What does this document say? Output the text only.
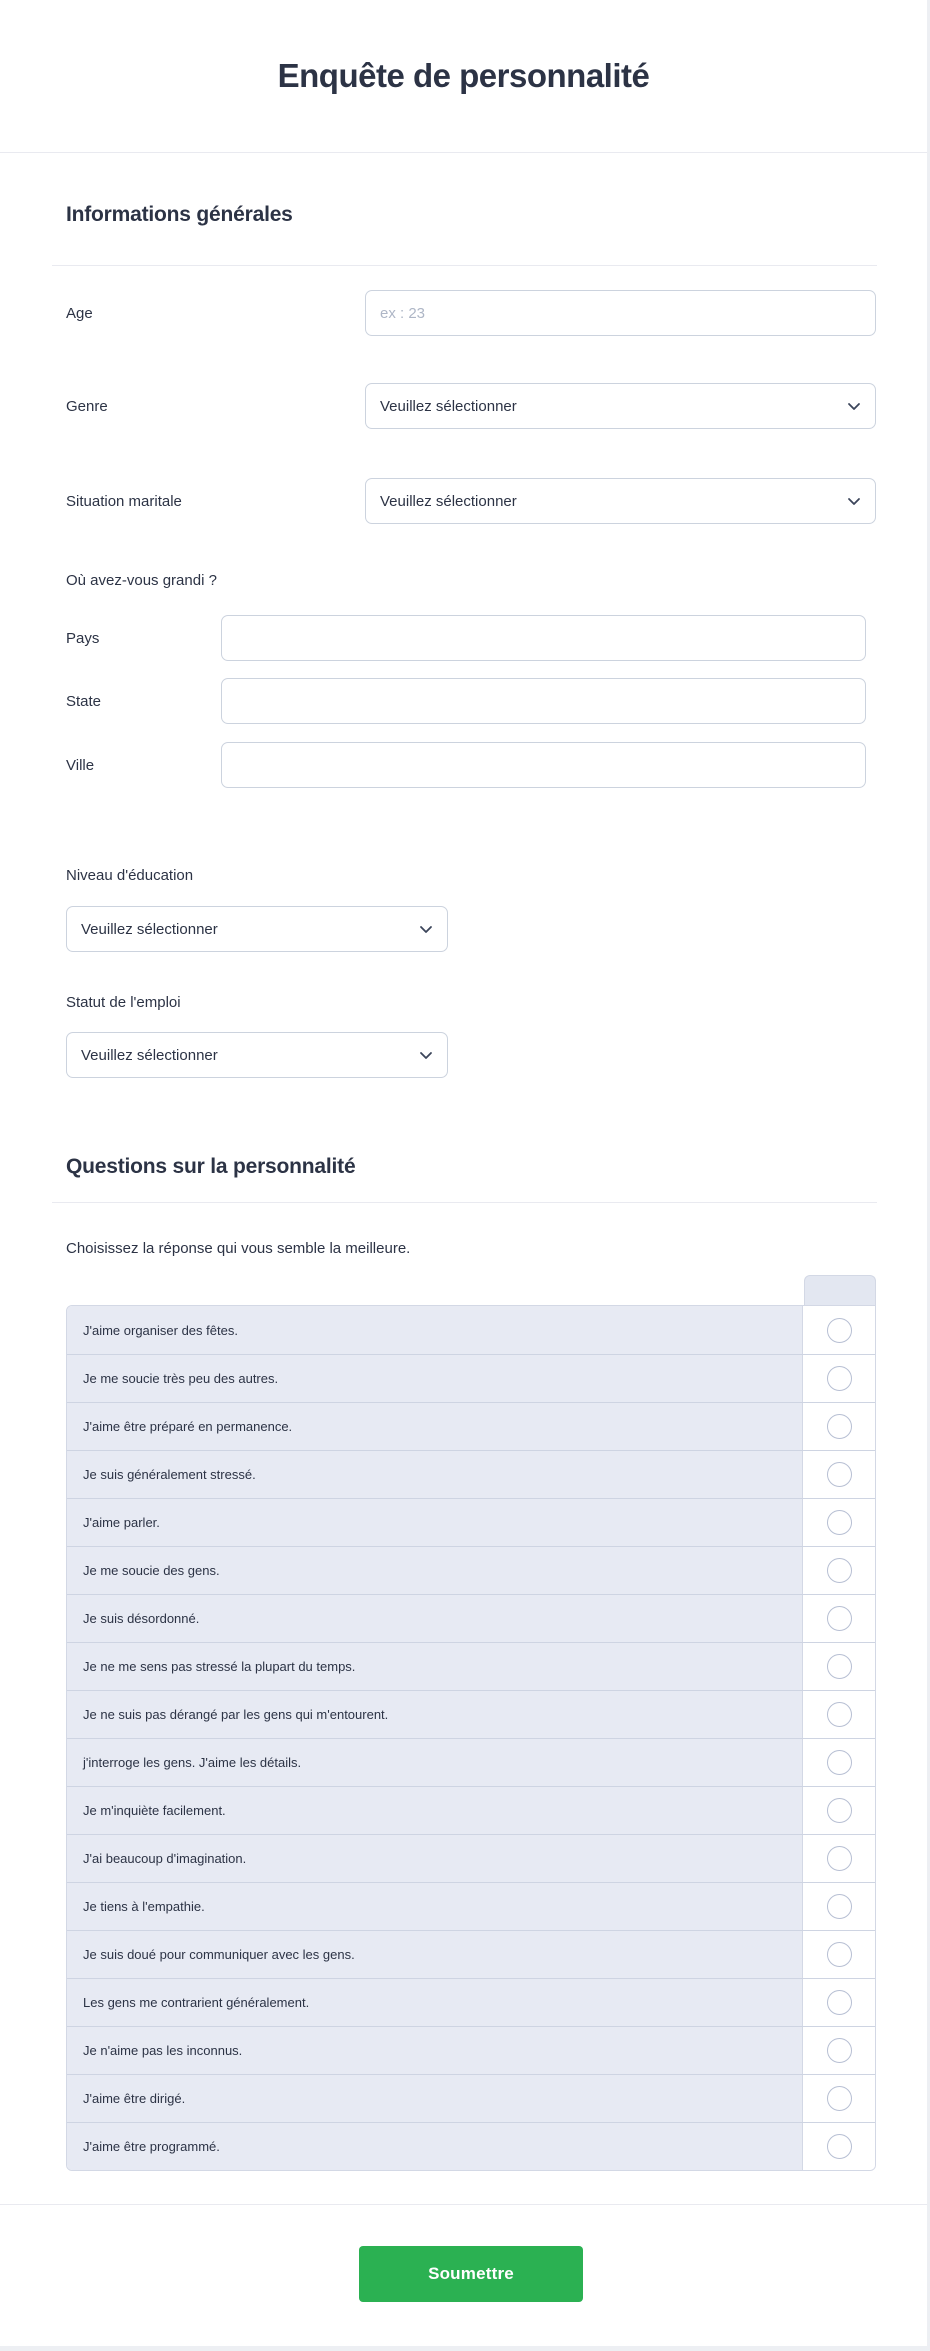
Enquête de personnalité
Informations générales
Age
ex : 23
Genre
Veuillez sélectionner
Situation maritale
Veuillez sélectionner
Où avez-vous grandi ?
Pays
State
Ville
Niveau d'éducation
Veuillez sélectionner
Statut de l'emploi
Veuillez sélectionner
Questions sur la personnalité
Choisissez la réponse qui vous semble la meilleure.
J'aime organiser des fêtes.
Je me soucie très peu des autres.
J'aime être préparé en permanence.
Je suis généralement stressé.
J'aime parler.
Je me soucie des gens.
Je suis désordonné.
Je ne me sens pas stressé la plupart du temps.
Je ne suis pas dérangé par les gens qui m'entourent.
j'interroge les gens. J'aime les détails.
Je m'inquiète facilement.
J'ai beaucoup d'imagination.
Je tiens à l'empathie.
Je suis doué pour communiquer avec les gens.
Les gens me contrarient généralement.
Je n'aime pas les inconnus.
J'aime être dirigé.
J'aime être programmé.
Soumettre
